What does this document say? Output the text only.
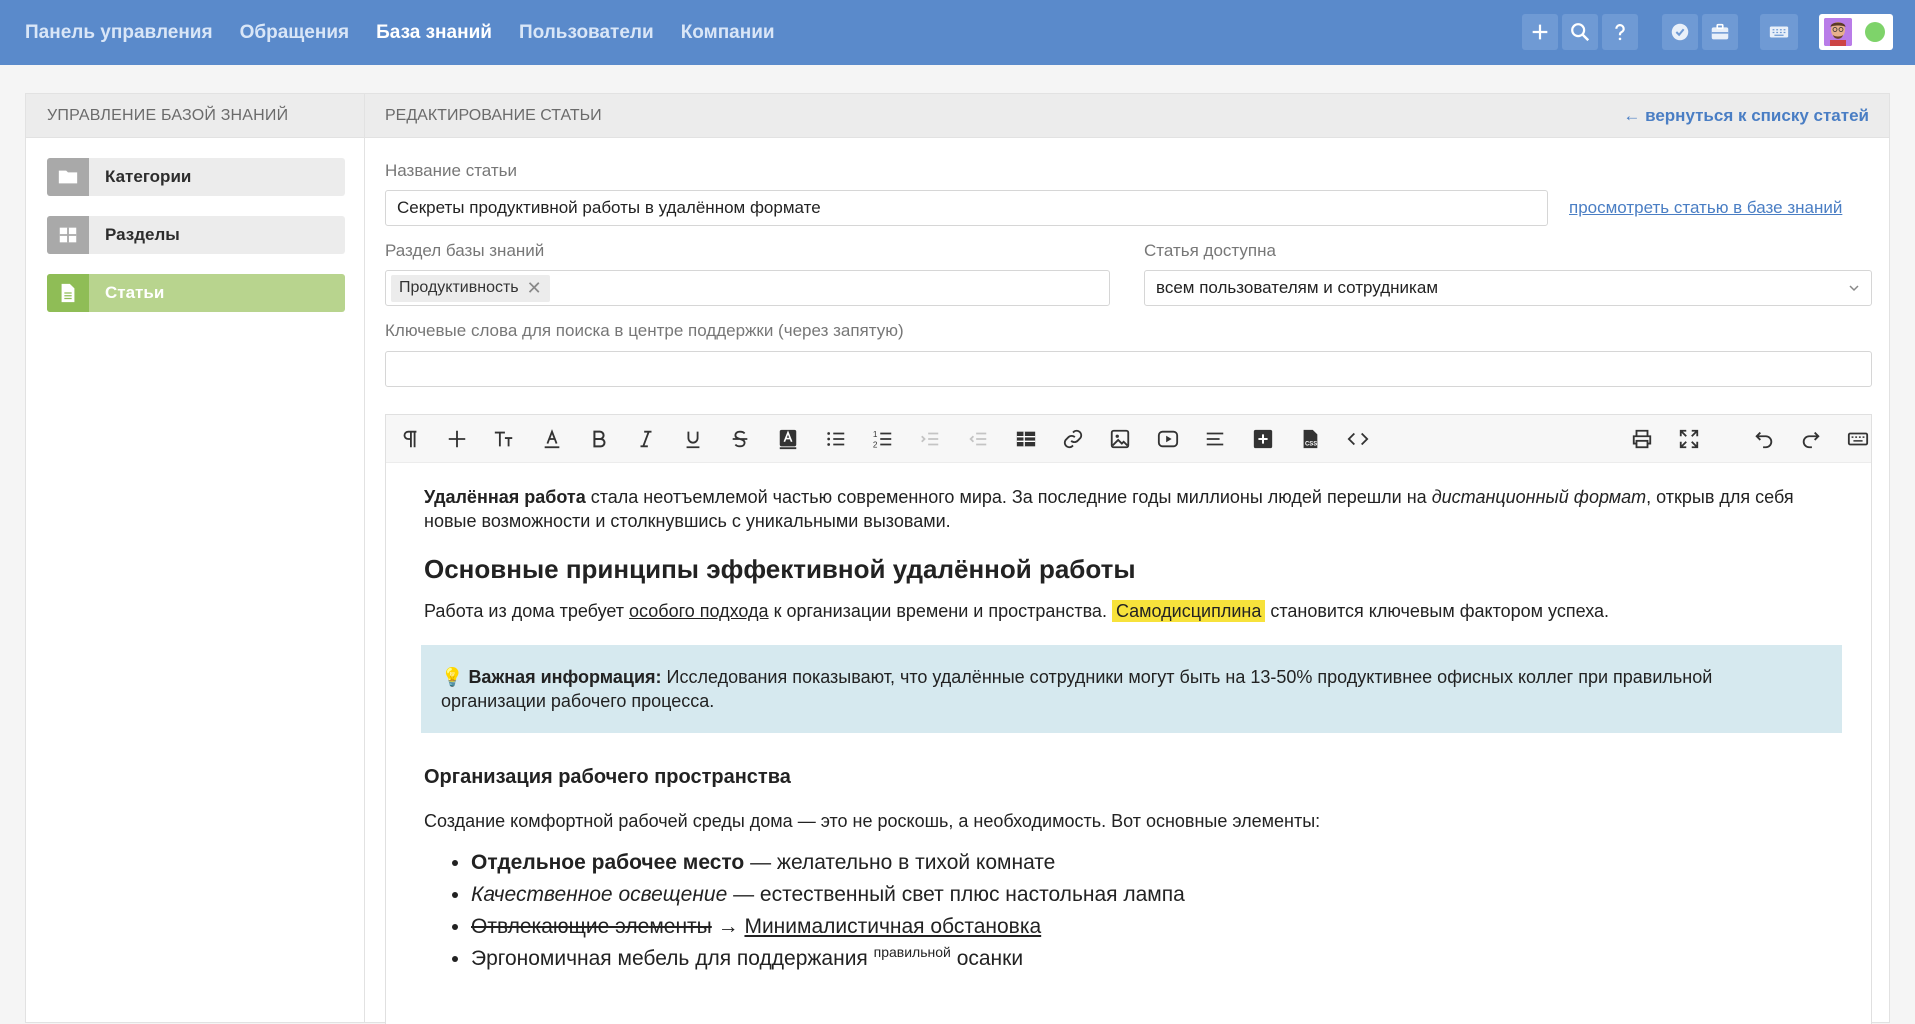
Панель управления Обращения База знаний Пользователи Компании
УПРАВЛЕНИЕ БАЗОЙ ЗНАНИЙ
Категории
Разделы
Статьи
РЕДАКТИРОВАНИЕ СТАТЬИ	← вернуться к списку статей
Название статьи
Секреты продуктивной работы в удалённом формате	просмотреть статью в базе знаний
Раздел базы знаний
Продуктивность ✕
Статья доступна
всем пользователям и сотрудникам
Ключевые слова для поиска в центре поддержки (через запятую)
1
2	CSS

Удалённая работа стала неотъемлемой частью современного мира. За последние годы миллионы людей перешли на дистанционный формат, открыв для себя новые возможности и столкнувшись с уникальными вызовами.

Основные принципы эффективной удалённой работы

Работа из дома требует особого подхода к организации времени и пространства. Самодисциплина становится ключевым фактором успеха.

💡 Важная информация: Исследования показывают, что удалённые сотрудники могут быть на 13-50% продуктивнее офисных коллег при правильной организации рабочего процесса.
Организация рабочего пространства

Создание комфортной рабочей среды дома — это не роскошь, а необходимость. Вот основные элементы:

• Отдельное рабочее место — желательно в тихой комнате
• Качественное освещение — естественный свет плюс настольная лампа
• Отвлекающие элементы → Минималистичная обстановка
• Эргономичная мебель для поддержания $^{правильной}$ осанки
